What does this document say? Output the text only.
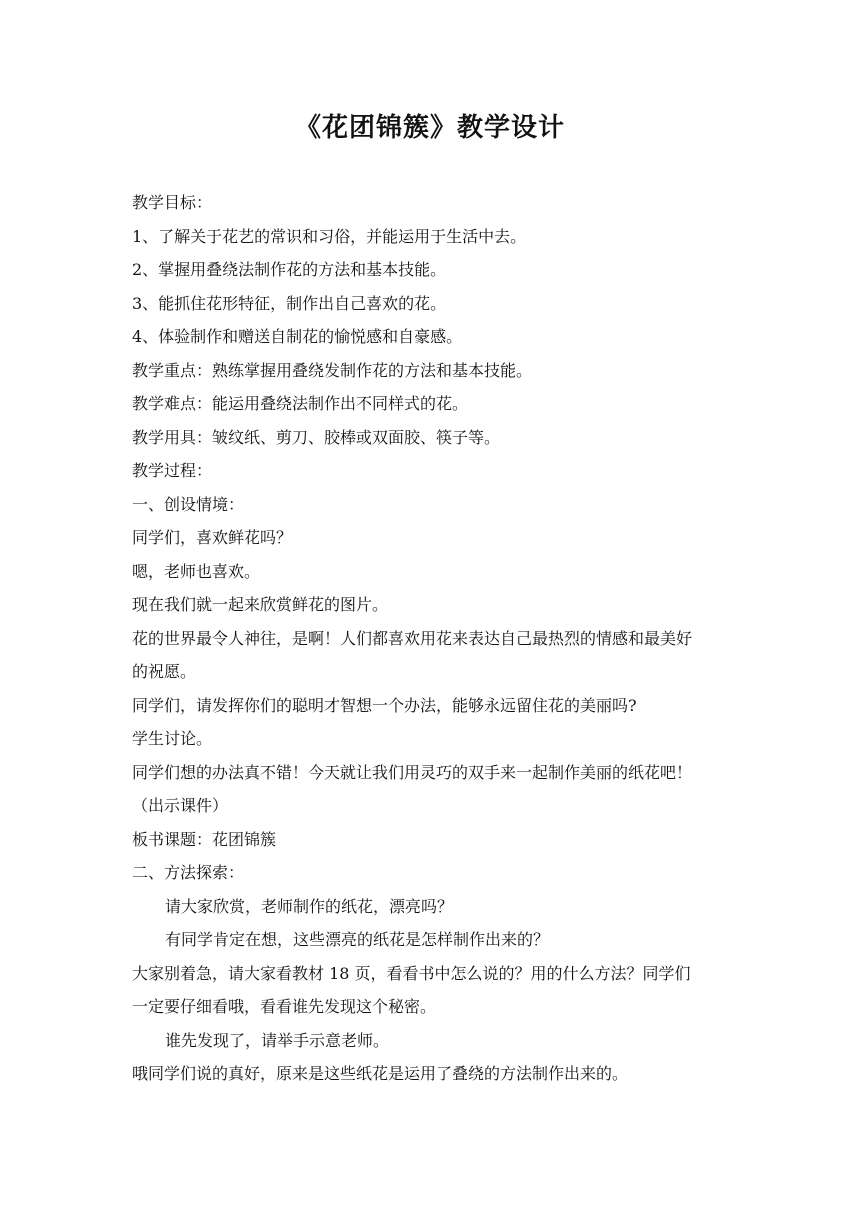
《花团锦簇》教学设计
教学目标：
1、了解关于花艺的常识和习俗，并能运用于生活中去。
2、掌握用叠绕法制作花的方法和基本技能。
3、能抓住花形特征，制作出自己喜欢的花。
4、体验制作和赠送自制花的愉悦感和自豪感。
教学重点：熟练掌握用叠绕发制作花的方法和基本技能。
教学难点：能运用叠绕法制作出不同样式的花。
教学用具：皱纹纸、剪刀、胶棒或双面胶、筷子等。
教学过程：
一、创设情境：
同学们，喜欢鲜花吗？
嗯，老师也喜欢。
现在我们就一起来欣赏鲜花的图片。
花的世界最令人神往，是啊！人们都喜欢用花来表达自己最热烈的情感和最美好
的祝愿。
同学们，请发挥你们的聪明才智想一个办法，能够永远留住花的美丽吗?
学生讨论。
同学们想的办法真不错！今天就让我们用灵巧的双手来一起制作美丽的纸花吧！
（出示课件）
板书课题：花团锦簇
二、方法探索：
请大家欣赏，老师制作的纸花，漂亮吗？
有同学肯定在想，这些漂亮的纸花是怎样制作出来的？
大家别着急，请大家看教材 18 页，看看书中怎么说的？用的什么方法？同学们
一定要仔细看哦，看看谁先发现这个秘密。
谁先发现了，请举手示意老师。
哦同学们说的真好，原来是这些纸花是运用了叠绕的方法制作出来的。
